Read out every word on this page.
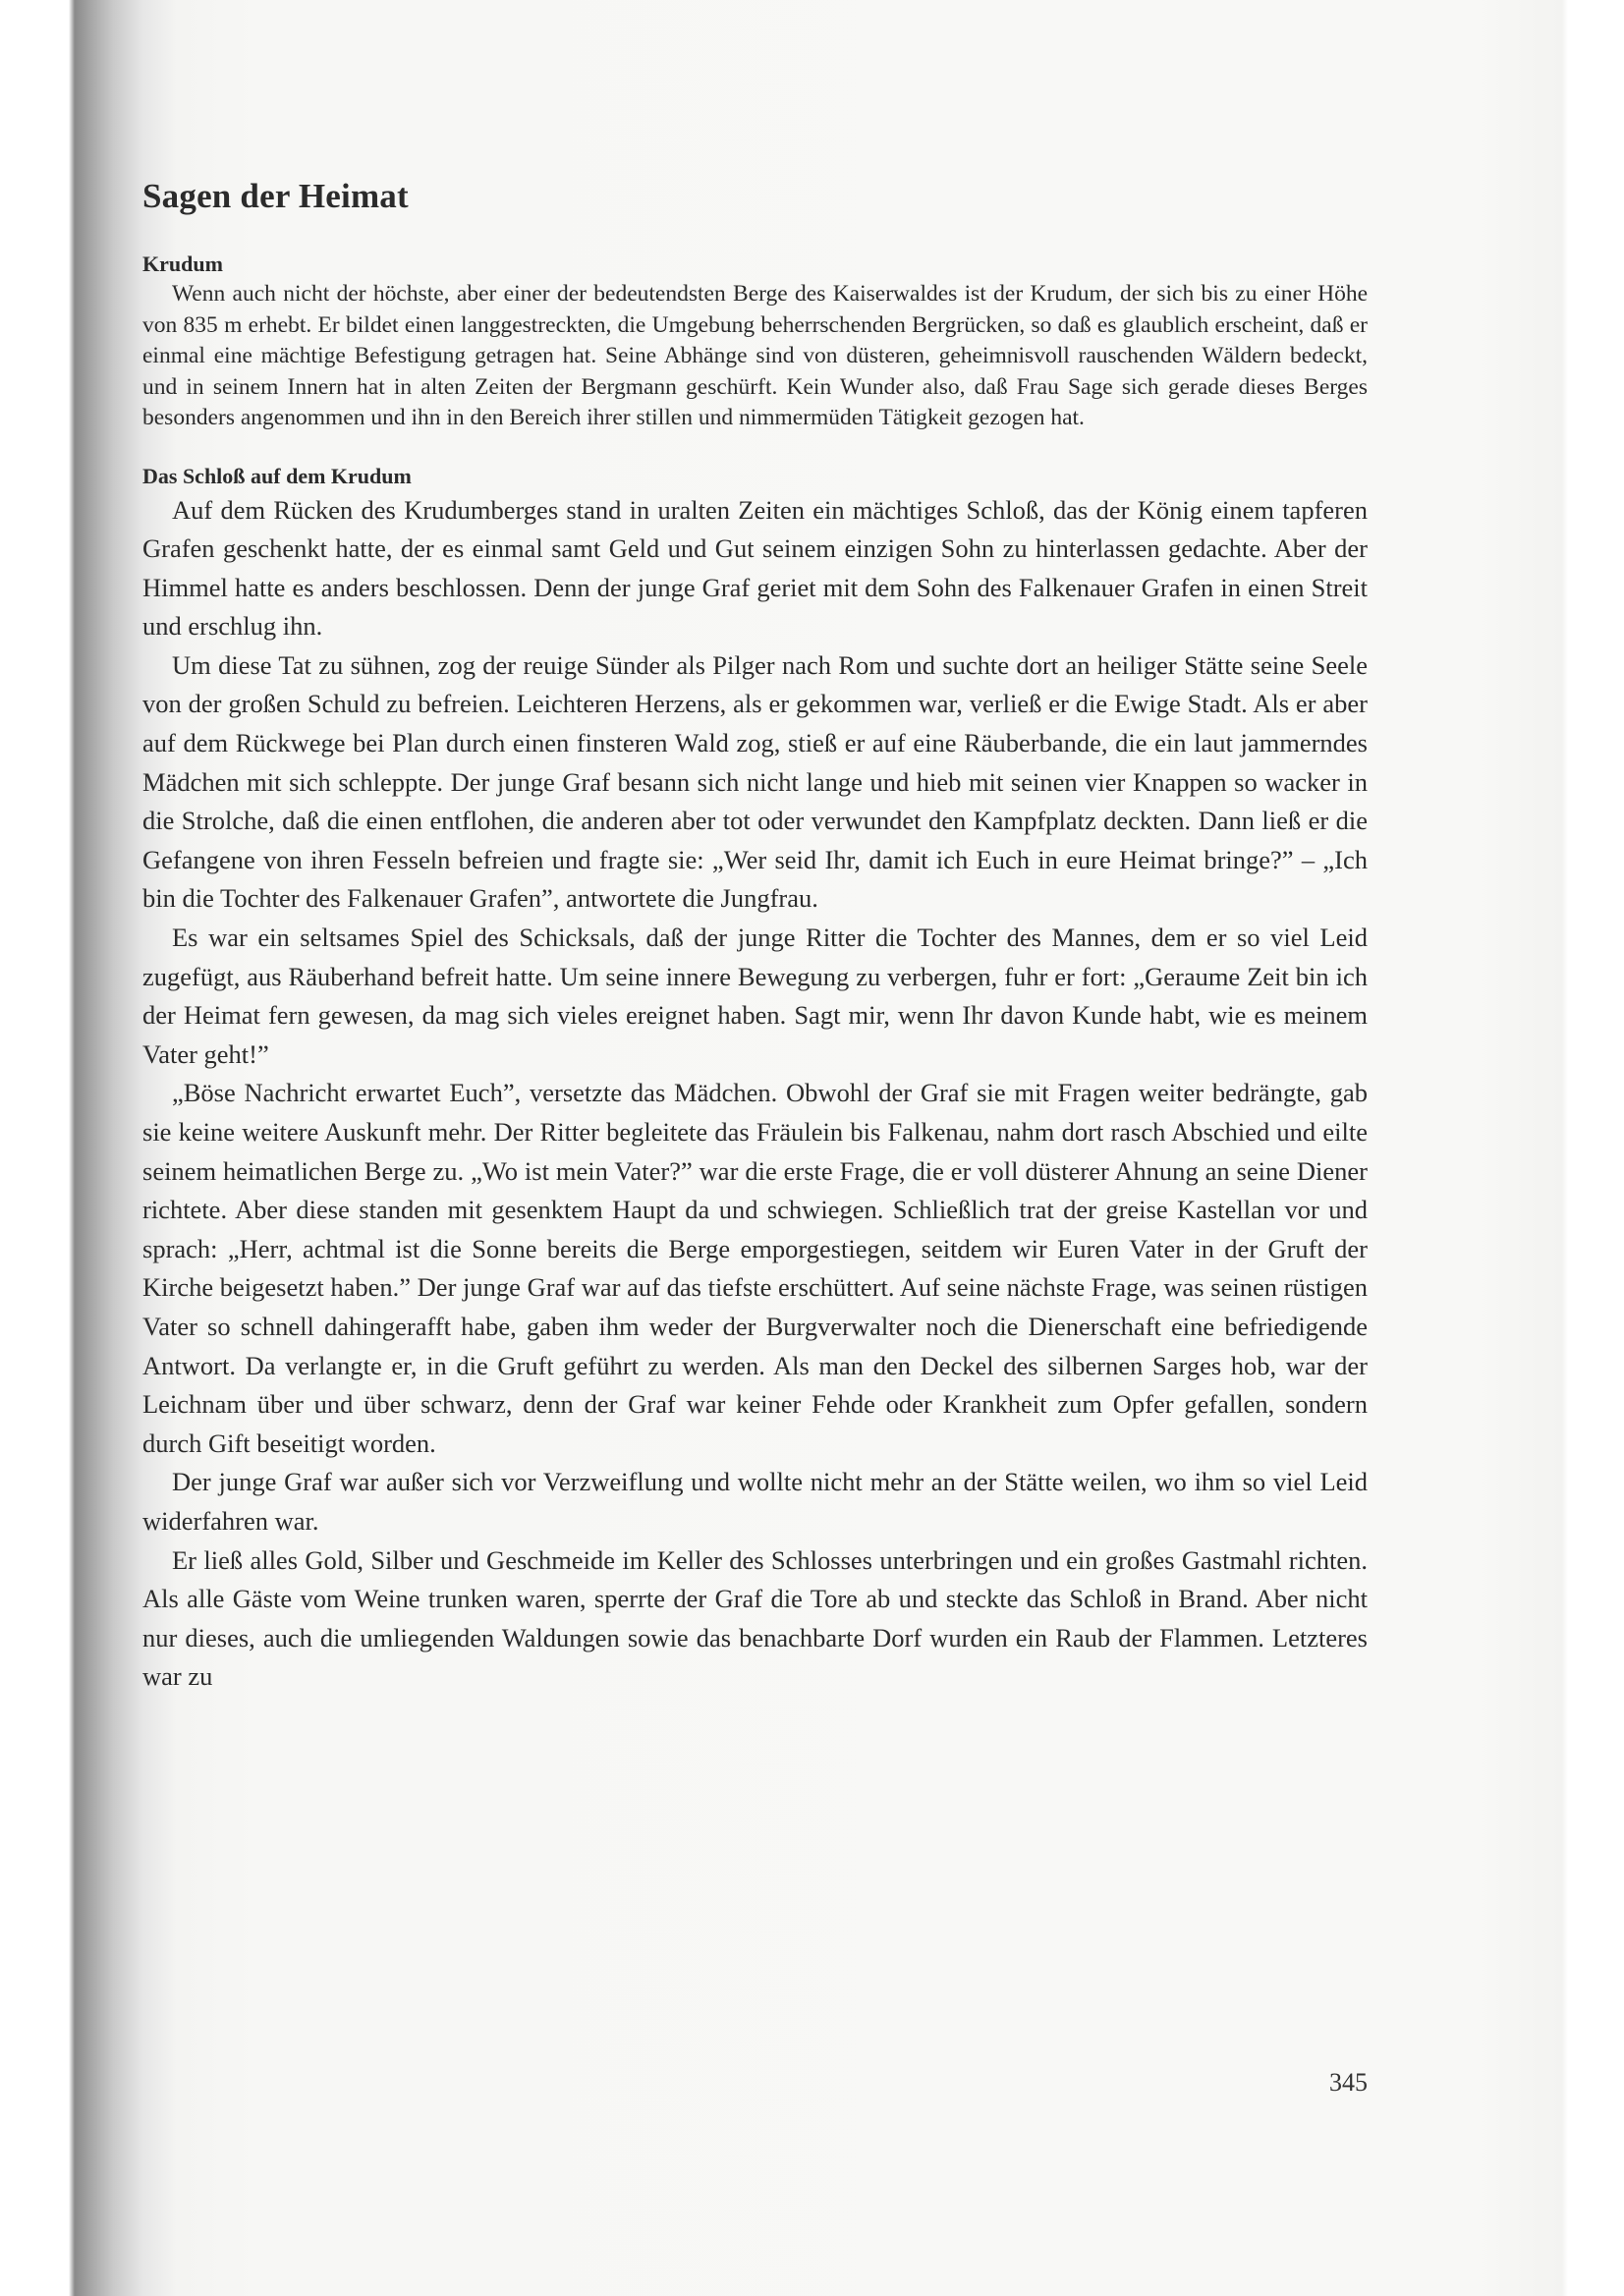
Sagen der Heimat
Krudum

Wenn auch nicht der höchste, aber einer der bedeutendsten Berge des Kaiserwaldes ist der Krudum, der sich bis zu einer Höhe von 835 m erhebt. Er bildet einen langgestreckten, die Umgebung beherrschenden Bergrücken, so daß es glaublich erscheint, daß er einmal eine mächtige Befestigung getragen hat. Seine Abhänge sind von düsteren, geheimnisvoll rauschenden Wäldern bedeckt, und in seinem Innern hat in alten Zeiten der Bergmann geschürft. Kein Wunder also, daß Frau Sage sich gerade dieses Berges besonders angenommen und ihn in den Bereich ihrer stillen und nimmermüden Tätigkeit gezogen hat.

Das Schloß auf dem Krudum

Auf dem Rücken des Krudumberges stand in uralten Zeiten ein mächtiges Schloß, das der König einem tapferen Grafen geschenkt hatte, der es einmal samt Geld und Gut seinem einzigen Sohn zu hinterlassen gedachte. Aber der Himmel hatte es anders beschlossen. Denn der junge Graf geriet mit dem Sohn des Falkenauer Grafen in einen Streit und erschlug ihn.

Um diese Tat zu sühnen, zog der reuige Sünder als Pilger nach Rom und suchte dort an heiliger Stätte seine Seele von der großen Schuld zu befreien. Leichteren Herzens, als er gekommen war, verließ er die Ewige Stadt. Als er aber auf dem Rückwege bei Plan durch einen finsteren Wald zog, stieß er auf eine Räuberbande, die ein laut jammerndes Mädchen mit sich schleppte. Der junge Graf besann sich nicht lange und hieb mit seinen vier Knappen so wacker in die Strolche, daß die einen entflohen, die anderen aber tot oder verwundet den Kampfplatz deckten. Dann ließ er die Gefangene von ihren Fesseln befreien und fragte sie: „Wer seid Ihr, damit ich Euch in eure Heimat bringe?” – „Ich bin die Tochter des Falkenauer Grafen”, antwortete die Jungfrau.

Es war ein seltsames Spiel des Schicksals, daß der junge Ritter die Tochter des Mannes, dem er so viel Leid zugefügt, aus Räuberhand befreit hatte. Um seine innere Bewegung zu verbergen, fuhr er fort: „Geraume Zeit bin ich der Heimat fern gewesen, da mag sich vieles ereignet haben. Sagt mir, wenn Ihr davon Kunde habt, wie es meinem Vater geht!”

„Böse Nachricht erwartet Euch”, versetzte das Mädchen. Obwohl der Graf sie mit Fragen weiter bedrängte, gab sie keine weitere Auskunft mehr. Der Ritter begleitete das Fräulein bis Falkenau, nahm dort rasch Abschied und eilte seinem heimatlichen Berge zu. „Wo ist mein Vater?” war die erste Frage, die er voll düsterer Ahnung an seine Diener richtete. Aber diese standen mit gesenktem Haupt da und schwiegen. Schließlich trat der greise Kastellan vor und sprach: „Herr, achtmal ist die Sonne bereits die Berge emporgestiegen, seitdem wir Euren Vater in der Gruft der Kirche beigesetzt haben.” Der junge Graf war auf das tiefste erschüttert. Auf seine nächste Frage, was seinen rüstigen Vater so schnell dahingerafft habe, gaben ihm weder der Burgverwalter noch die Dienerschaft eine befriedigende Antwort. Da verlangte er, in die Gruft geführt zu werden. Als man den Deckel des silbernen Sarges hob, war der Leichnam über und über schwarz, denn der Graf war keiner Fehde oder Krankheit zum Opfer gefallen, sondern durch Gift beseitigt worden.

Der junge Graf war außer sich vor Verzweiflung und wollte nicht mehr an der Stätte weilen, wo ihm so viel Leid widerfahren war.

Er ließ alles Gold, Silber und Geschmeide im Keller des Schlosses unterbringen und ein großes Gastmahl richten. Als alle Gäste vom Weine trunken waren, sperrte der Graf die Tore ab und steckte das Schloß in Brand. Aber nicht nur dieses, auch die umliegenden Waldungen sowie das benachbarte Dorf wurden ein Raub der Flammen. Letzteres war zu

345
